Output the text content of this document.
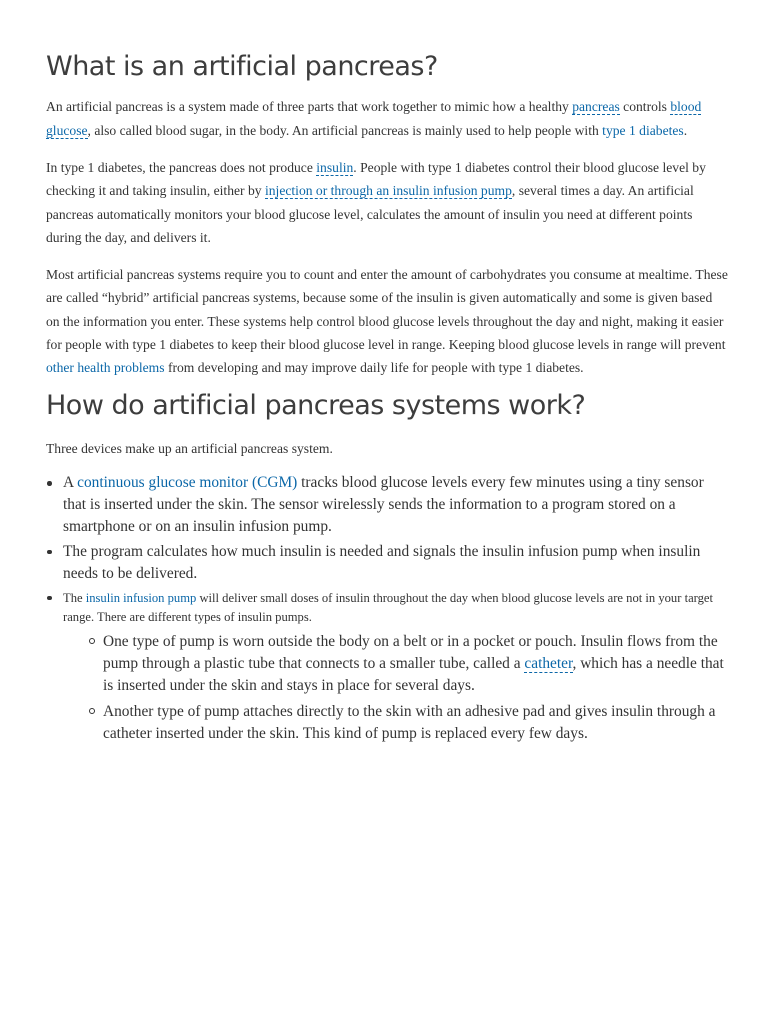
What is an artificial pancreas?

An artificial pancreas is a system made of three parts that work together to mimic how a healthy pancreas controls blood glucose, also called blood sugar, in the body. An artificial pancreas is mainly used to help people with type 1 diabetes.

In type 1 diabetes, the pancreas does not produce insulin. People with type 1 diabetes control their blood glucose level by checking it and taking insulin, either by injection or through an insulin infusion pump, several times a day. An artificial pancreas automatically monitors your blood glucose level, calculates the amount of insulin you need at different points during the day, and delivers it.

Most artificial pancreas systems require you to count and enter the amount of carbohydrates you consume at mealtime. These are called “hybrid” artificial pancreas systems, because some of the insulin is given automatically and some is given based on the information you enter. These systems help control blood glucose levels throughout the day and night, making it easier for people with type 1 diabetes to keep their blood glucose level in range. Keeping blood glucose levels in range will prevent other health problems from developing and may improve daily life for people with type 1 diabetes.

How do artificial pancreas systems work?

Three devices make up an artificial pancreas system.

A continuous glucose monitor (CGM) tracks blood glucose levels every few minutes using a tiny sensor that is inserted under the skin. The sensor wirelessly sends the information to a program stored on a smartphone or on an insulin infusion pump.
The program calculates how much insulin is needed and signals the insulin infusion pump when insulin needs to be delivered.
The insulin infusion pump will deliver small doses of insulin throughout the day when blood glucose levels are not in your target range. There are different types of insulin pumps.
One type of pump is worn outside the body on a belt or in a pocket or pouch. Insulin flows from the pump through a plastic tube that connects to a smaller tube, called a catheter, which has a needle that is inserted under the skin and stays in place for several days.
Another type of pump attaches directly to the skin with an adhesive pad and gives insulin through a catheter inserted under the skin. This kind of pump is replaced every few days.
